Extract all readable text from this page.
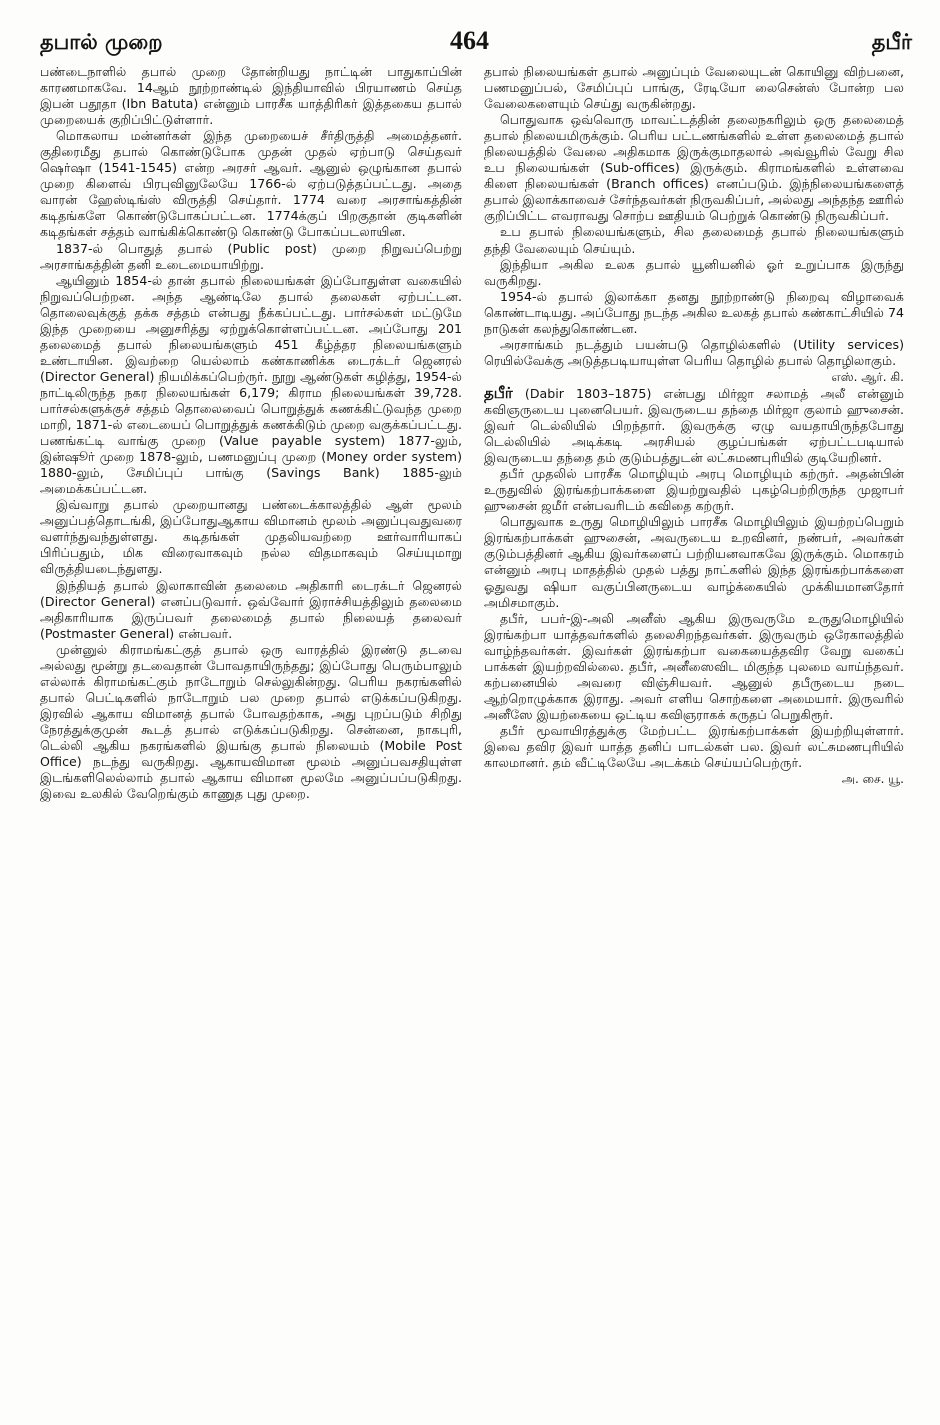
தபால் முறை	464	தபீர்

பண்டைநாளில் தபால் முறை தோன்றியது நாட்டின் பாதுகாப்பின் காரணமாகவே. 14ஆம் நூற்றாண்டில் இந்தியாவில் பிரயாணம் செய்த இபன் பதூதா (Ibn Batuta) என்னும் பாரசீக யாத்திரிகர் இத்தகைய தபால் முறையைக் குறிப்பிட்டுள்ளார்.

மொகலாய மன்னர்கள் இந்த முறையைச் சீர்திருத்தி அமைத்தனர். குதிரைமீது தபால் கொண்டுபோக முதன் முதல் ஏற்பாடு செய்தவர் ஷெர்ஷா (1541-1545) என்ற அரசர் ஆவர். ஆனுல் ஒழுங்கான தபால் முறை கிளைவ் பிரபுவினுலேயே 1766-ல் ஏற்படுத்தப்பட்டது. அதை வாரன் ஹேஸ்டிங்ஸ் விருத்தி செய்தார். 1774 வரை அரசாங்கத்தின் கடிதங்களே கொண்டுபோகப்பட்டன. 1774க்குப் பிறகுதான் குடிகளின் கடிதங்கள் சத்தம் வாங்கிக்கொண்டு கொண்டு போகப்படலாயின.

1837-ல் பொதுத் தபால் (Public post) முறை நிறுவப்பெற்று அரசாங்கத்தின் தனி உடைமையாயிற்று.

ஆயினும் 1854-ல் தான் தபால் நிலையங்கள் இப்போதுள்ள வகையில் நிறுவப்பெற்றன. அந்த ஆண்டிலே தபால் தலைகள் ஏற்பட்டன. தொலைவுக்குத் தக்க சத்தம் என்பது நீக்கப்பட்டது. பார்சல்கள் மட்டுமே இந்த முறையை அனுசரித்து ஏற்றுக்கொள்ளப்பட்டன. அப்போது 201 தலைமைத் தபால் நிலையங்களும் 451 கீழ்த்தர நிலையங்களும் உண்டாயின. இவற்றை யெல்லாம் கண்காணிக்க டைரக்டர் ஜெனரல் (Director General) நியமிக்கப்பெற்ருர். நூறு ஆண்டுகள் கழித்து, 1954-ல் நாட்டிலிருந்த நகர நிலையங்கள் 6,179; கிராம நிலையங்கள் 39,728. பார்சல்களுக்குச் சத்தம் தொலைவைப் பொறுத்துக் கணக்கிட்டுவந்த முறை மாறி, 1871-ல் எடையைப் பொறுத்துக் கணக்கிடும் முறை வகுக்கப்பட்டது. பணங்கட்டி வாங்கு முறை (Value payable system) 1877-லும், இன்ஷூர் முறை 1878-லும், பணமனுப்பு முறை (Money order system) 1880-லும், சேமிப்புப் பாங்கு (Savings Bank) 1885-லும் அமைக்கப்பட்டன.

இவ்வாறு தபால் முறையானது பண்டைக்காலத்தில் ஆள் மூலம் அனுப்பத்தொடங்கி, இப்போதுஆகாய விமானம் மூலம் அனுப்புவதுவரை வளர்ந்துவந்துள்ளது. கடிதங்கள் முதலியவற்றை ஊர்வாரியாகப் பிரிப்பதும், மிக விரைவாகவும் நல்ல விதமாகவும் செய்யுமாறு விருத்தியடைந்துளது.

இந்தியத் தபால் இலாகாவின் தலைமை அதிகாரி டைரக்டர் ஜெனரல் (Director General) எனப்படுவார். ஒவ்வோர் இராச்சியத்திலும் தலைமை அதிகாரியாக இருப்பவர் தலைமைத் தபால் நிலையத் தலைவர் (Postmaster General) என்பவர்.

முன்னுல் கிராமங்கட்குத் தபால் ஒரு வாரத்தில் இரண்டு தடவை அல்லது மூன்று தடவைதான் போவதாயிருந்தது; இப்போது பெரும்பாலும் எல்லாக் கிராமங்கட்கும் நாடோறும் செல்லுகின்றது. பெரிய நகரங்களில் தபால் பெட்டிகளில் நாடோறும் பல முறை தபால் எடுக்கப்படுகிறது. இரவில் ஆகாய விமானத் தபால் போவதற்காக, அது புறப்படும் சிறிது நேரத்துக்குமுன் கூடத் தபால் எடுக்கப்படுகிறது. சென்னை, நாகபுரி, டெல்லி ஆகிய நகரங்களில் இயங்கு தபால் நிலையம் (Mobile Post Office) நடந்து வருகிறது. ஆகாயவிமான மூலம் அனுப்பவசதியுள்ள இடங்களிலெல்லாம் தபால் ஆகாய விமான மூலமே அனுப்பப்படுகிறது. இவை உலகில் வேறெங்கும் காணுத புது முறை.

தபால் நிலையங்கள் தபால் அனுப்பும் வேலையுடன் கொயினு விற்பனை, பணமனுப்பல், சேமிப்புப் பாங்கு, ரேடியோ லைசென்ஸ் போன்ற பல வேலைகளையும் செய்து வருகின்றது.

பொதுவாக ஒவ்வொரு மாவட்டத்தின் தலைநகரிலும் ஒரு தலைமைத் தபால் நிலையமிருக்கும். பெரிய பட்டணங்களில் உள்ள தலைமைத் தபால் நிலையத்தில் வேலை அதிகமாக இருக்குமாதலால் அவ்வூரில் வேறு சில உப நிலையங்கள் (Sub-offices) இருக்கும். கிராமங்களில் உள்ளவை கிளை நிலையங்கள் (Branch offices) எனப்படும். இந்நிலையங்களைத் தபால் இலாக்காவைச் சேர்ந்தவர்கள் நிருவகிப்பர், அல்லது அந்தந்த ஊரில் குறிப்பிட்ட எவராவது சொற்ப ஊதியம் பெற்றுக் கொண்டு நிருவகிப்பர்.

உப தபால் நிலையங்களும், சில தலைமைத் தபால் நிலையங்களும் தந்தி வேலையும் செய்யும்.

இந்தியா அகில உலக தபால் யூனியனில் ஓர் உறுப்பாக இருந்து வருகிறது.

1954-ல் தபால் இலாக்கா தனது நூற்றாண்டு நிறைவு விழாவைக் கொண்டாடியது. அப்போது நடந்த அகில உலகத் தபால் கண்காட்சியில் 74 நாடுகள் கலந்துகொண்டன.

அரசாங்கம் நடத்தும் பயன்படு தொழில்களில் (Utility services) ரெயில்வேக்கு அடுத்தபடியாயுள்ள பெரிய தொழில் தபால் தொழிலாகும்.

எஸ். ஆர். கி.

தபீர் (Dabir 1803–1875) என்பது மிர்ஜா சலாமத் அலீ என்னும் கவிஞருடைய புனைபெயர். இவருடைய தந்தை மிர்ஜா குலாம் ஹுசைன். இவர் டெல்லியில் பிறந்தார். இவருக்கு ஏழு வயதாயிருந்தபோது டெல்லியில் அடிக்கடி அரசியல் குழப்பங்கள் ஏற்பட்டபடியால் இவருடைய தந்தை தம் குடும்பத்துடன் லட்சுமணபுரியில் குடியேறினர்.

தபீர் முதலில் பாரசீக மொழியும் அரபு மொழியும் கற்ருர். அதன்பின் உருதுவில் இரங்கற்பாக்களை இயற்றுவதில் புகழ்பெற்றிருந்த முஜாபர் ஹுசைன் ஜமீர் என்பவரிடம் கவிதை கற்ருர்.

பொதுவாக உருது மொழியிலும் பாரசீக மொழியிலும் இயற்றப்பெறும் இரங்கற்பாக்கள் ஹுசைன், அவருடைய உறவினர், நண்பர், அவர்கள் குடும்பத்தினர் ஆகிய இவர்களைப் பற்றியனவாகவே இருக்கும். மொகரம் என்னும் அரபு மாதத்தில் முதல் பத்து நாட்களில் இந்த இரங்கற்பாக்களை ஓதுவது ஷியா வகுப்பினருடைய வாழ்க்கையில் முக்கியமானதோர் அமிசமாகும்.

தபீர், பபர்-இ-அலி அனீஸ் ஆகிய இருவருமே உருதுமொழியில் இரங்கற்பா யாத்தவர்களில் தலைசிறந்தவர்கள். இருவரும் ஒரேகாலத்தில் வாழ்ந்தவர்கள். இவர்கள் இரங்கற்பா வகையைத்தவிர வேறு வகைப் பாக்கள் இயற்றவில்லை. தபீர், அனீஸைவிட மிகுந்த புலமை வாய்ந்தவர். கற்பனையில் அவரை விஞ்சியவர். ஆனுல் தபீருடைய நடை ஆற்றொழுக்காக இராது. அவர் எளிய சொற்களை அமையார். இருவரில் அனீஸே இயற்கையை ஒட்டிய கவிஞராகக் கருதப் பெறுகிரூர்.

தபீர் மூவாயிரத்துக்கு மேற்பட்ட இரங்கற்பாக்கள் இயற்றியுள்ளார். இவை தவிர இவர் யாத்த தனிப் பாடல்கள் பல. இவர் லட்சுமணபுரியில் காலமானர். தம் வீட்டிலேயே அடக்கம் செய்யப்பெற்ருர்.

அ. சை. யூ.
